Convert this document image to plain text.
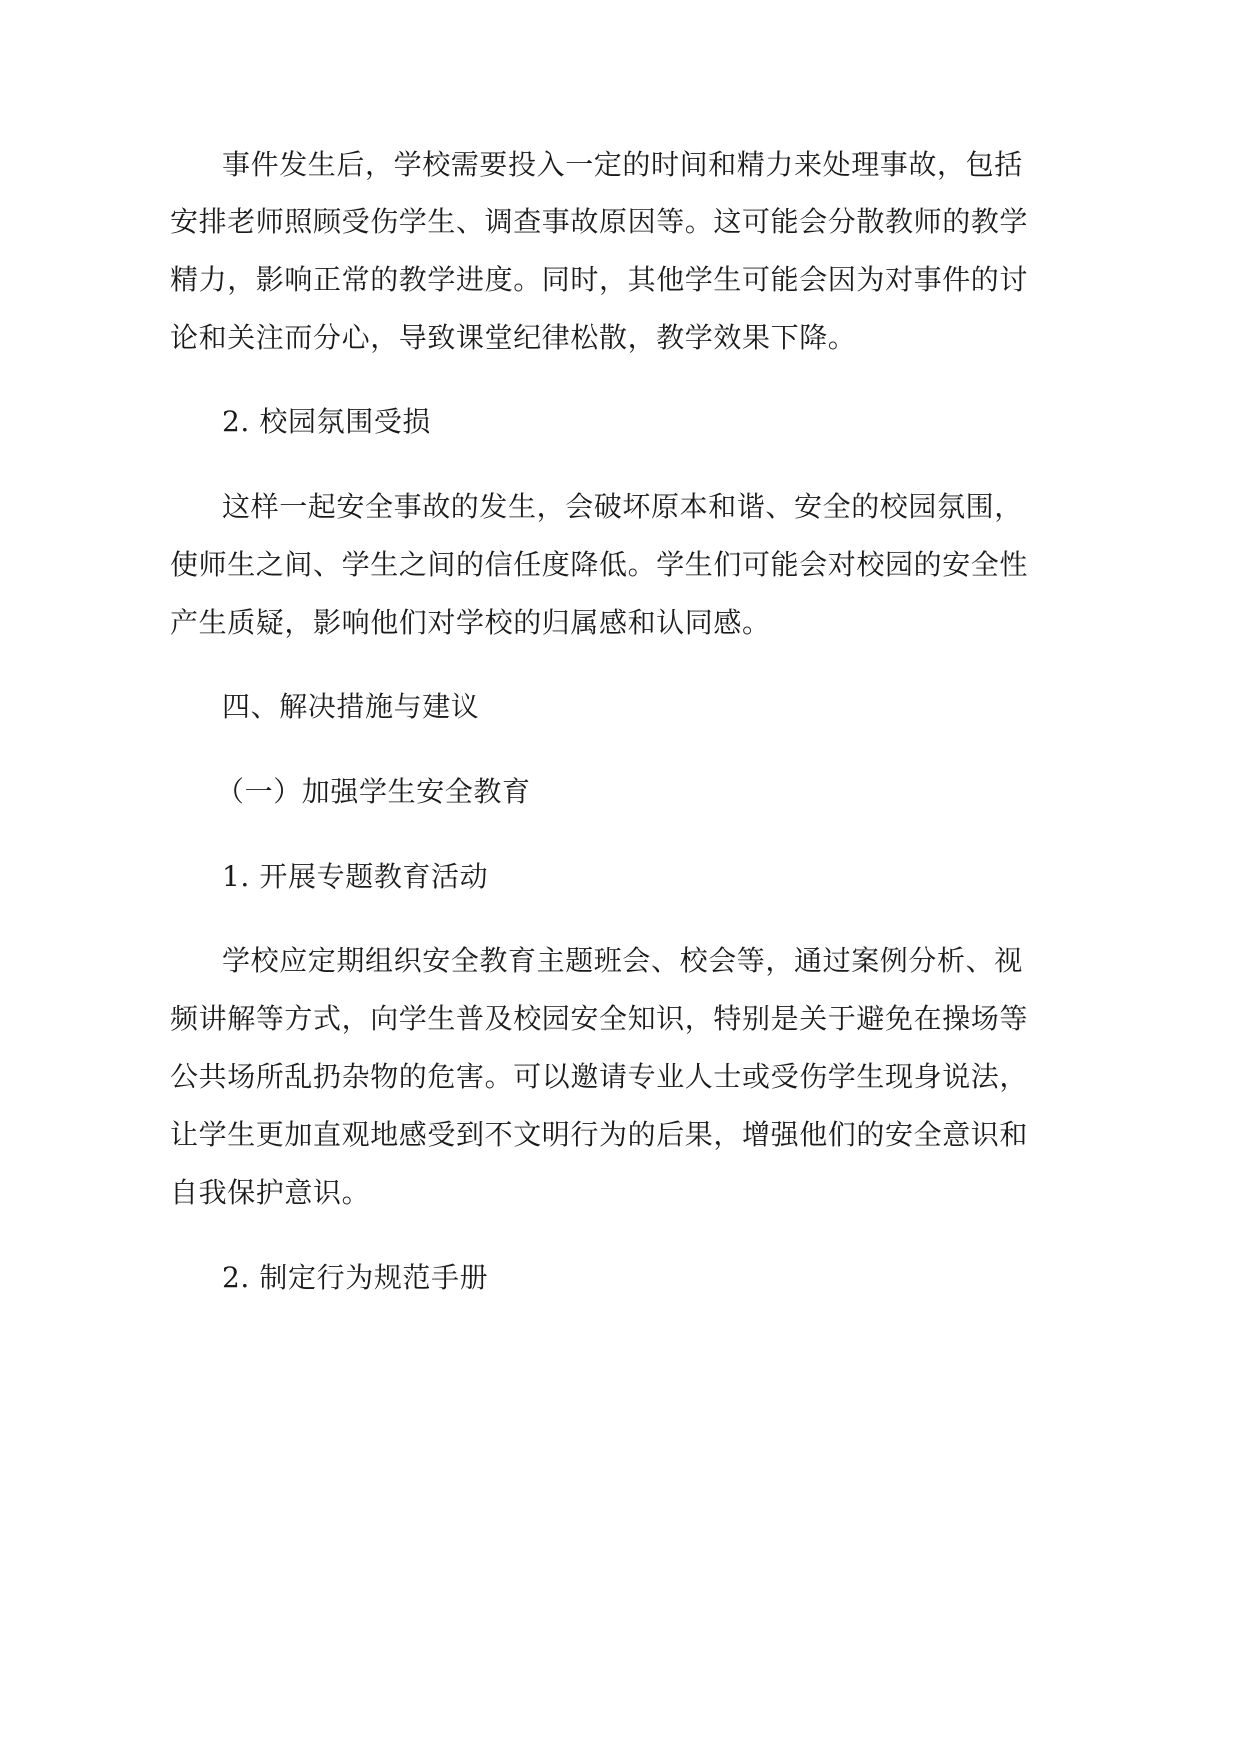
事件发生后，学校需要投入一定的时间和精力来处理事故，包括
安排老师照顾受伤学生、调查事故原因等。这可能会分散教师的教学
精力，影响正常的教学进度。同时，其他学生可能会因为对事件的讨
论和关注而分心，导致课堂纪律松散，教学效果下降。
2. 校园氛围受损
这样一起安全事故的发生，会破坏原本和谐、安全的校园氛围，
使师生之间、学生之间的信任度降低。学生们可能会对校园的安全性
产生质疑，影响他们对学校的归属感和认同感。
四、解决措施与建议
（一）加强学生安全教育
1. 开展专题教育活动
学校应定期组织安全教育主题班会、校会等，通过案例分析、视
频讲解等方式，向学生普及校园安全知识，特别是关于避免在操场等
公共场所乱扔杂物的危害。可以邀请专业人士或受伤学生现身说法，
让学生更加直观地感受到不文明行为的后果，增强他们的安全意识和
自我保护意识。
2. 制定行为规范手册
